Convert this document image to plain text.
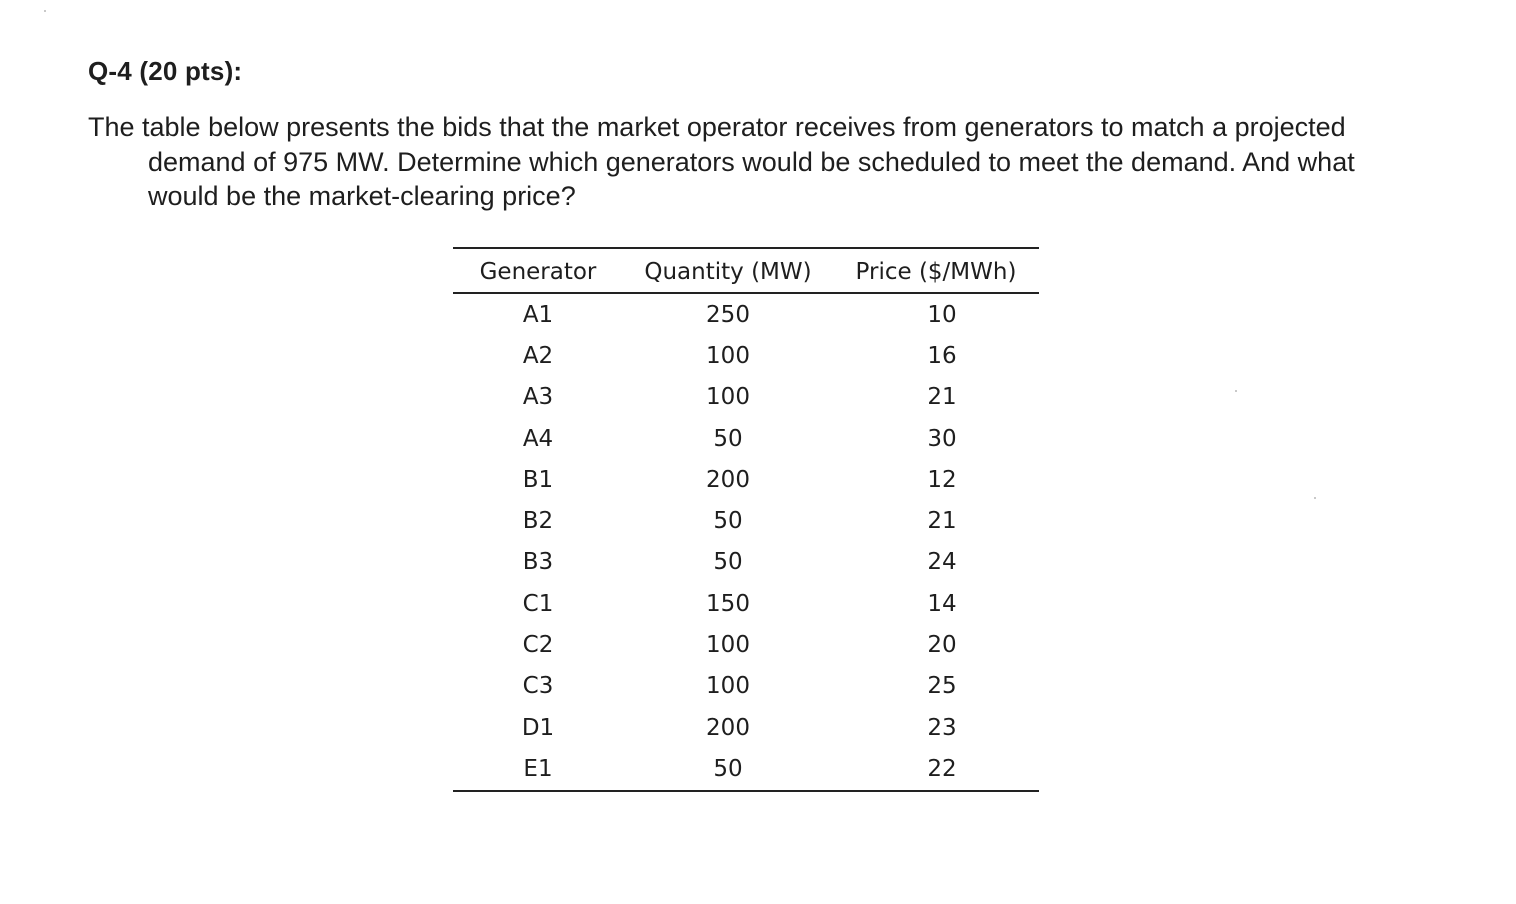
Q-4 (20 pts):
The table below presents the bids that the market operator receives from generators to match a projected demand of 975 MW. Determine which generators would be scheduled to meet the demand. And what would be the market-clearing price?
Generator	Quantity (MW)	Price ($/MWh)
A1	250	10
A2	100	16
A3	100	21
A4	50	30
B1	200	12
B2	50	21
B3	50	24
C1	150	14
C2	100	20
C3	100	25
D1	200	23
E1	50	22
